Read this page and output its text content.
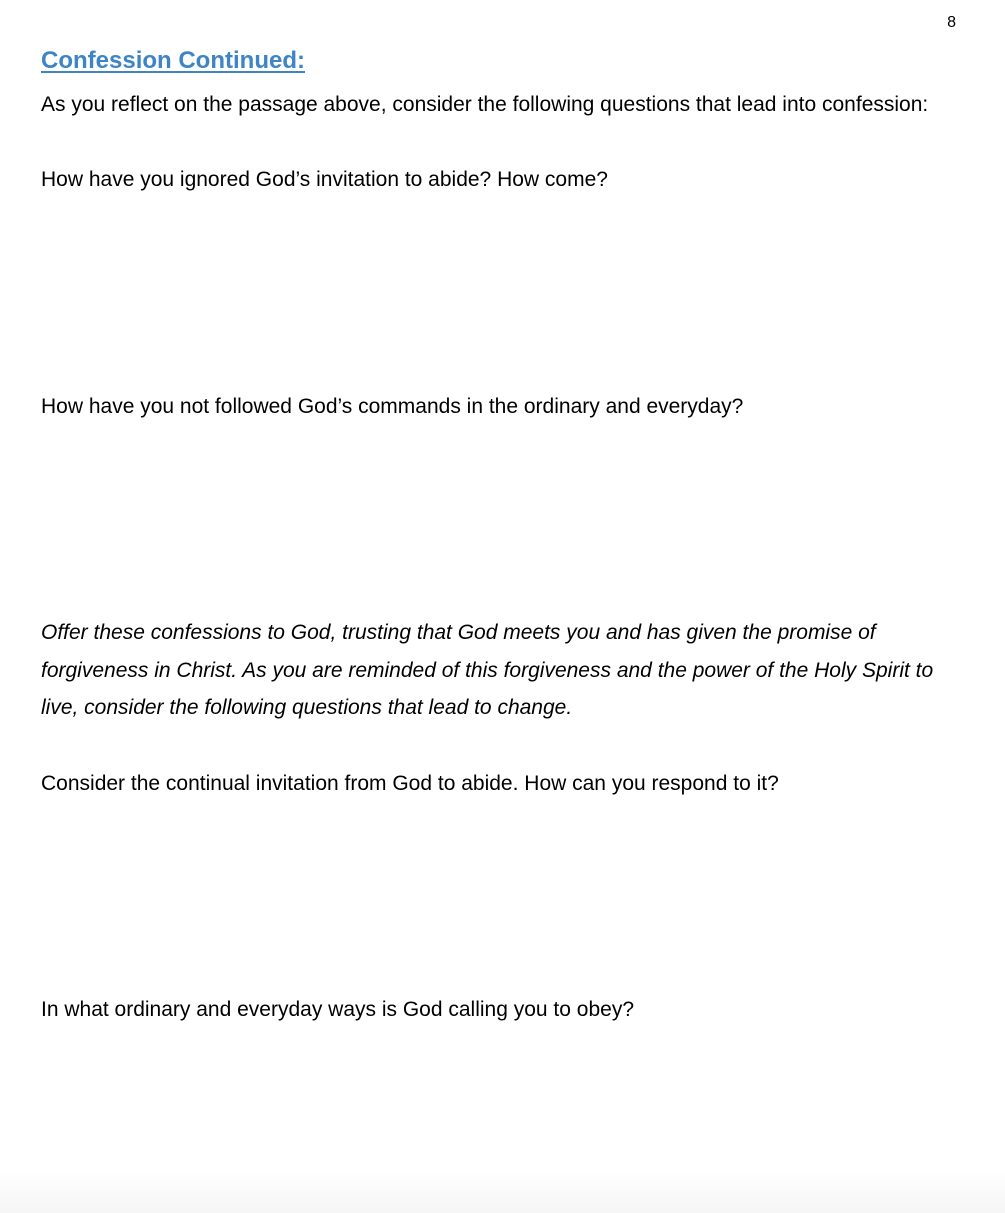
8
Confession Continued:
As you reflect on the passage above, consider the following questions that lead into confession:
How have you ignored God’s invitation to abide? How come?
How have you not followed God’s commands in the ordinary and everyday?
Offer these confessions to God, trusting that God meets you and has given the promise of forgiveness in Christ. As you are reminded of this forgiveness and the power of the Holy Spirit to live, consider the following questions that lead to change.
Consider the continual invitation from God to abide. How can you respond to it?
In what ordinary and everyday ways is God calling you to obey?
